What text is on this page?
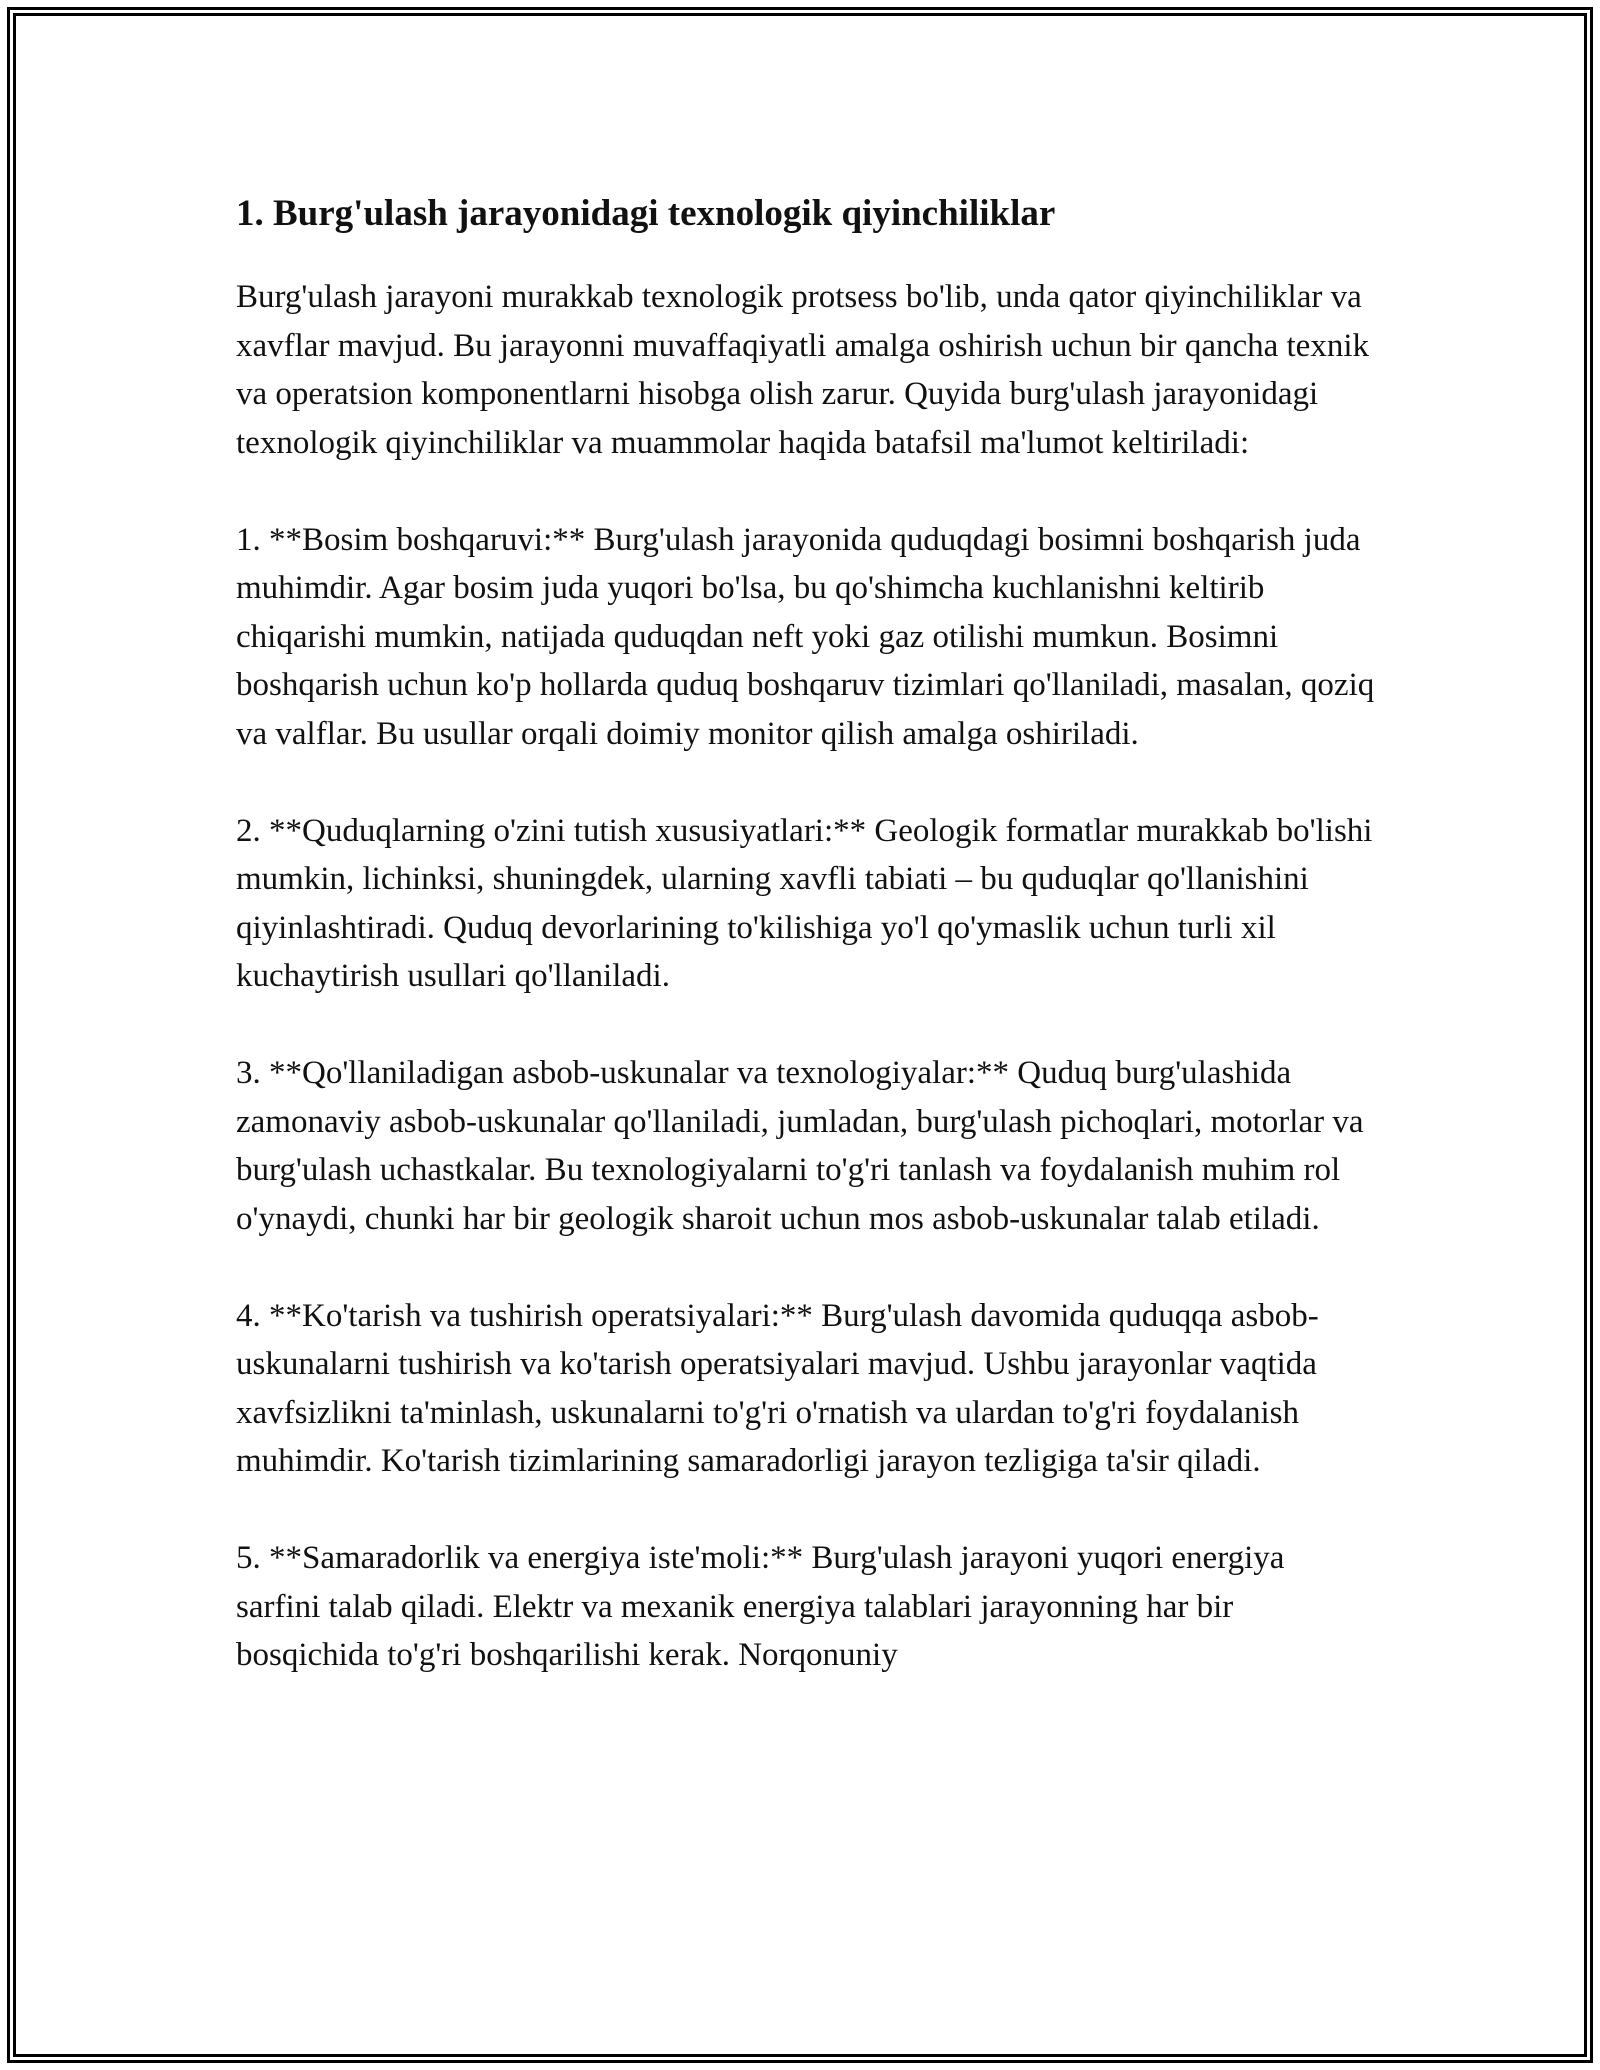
1. Burg'ulash jarayonidagi texnologik qiyinchiliklar

Burg'ulash jarayoni murakkab texnologik protsess bo'lib, unda qator qiyinchiliklar va xavflar mavjud. Bu jarayonni muvaffaqiyatli amalga oshirish uchun bir qancha texnik va operatsion komponentlarni hisobga olish zarur. Quyida burg'ulash jarayonidagi texnologik qiyinchiliklar va muammolar haqida batafsil ma'lumot keltiriladi:

1. **Bosim boshqaruvi:** Burg'ulash jarayonida quduqdagi bosimni boshqarish juda muhimdir. Agar bosim juda yuqori bo'lsa, bu qo'shimcha kuchlanishni keltirib chiqarishi mumkin, natijada quduqdan neft yoki gaz otilishi mumkun. Bosimni boshqarish uchun ko'p hollarda quduq boshqaruv tizimlari qo'llaniladi, masalan, qoziq va valflar. Bu usullar orqali doimiy monitor qilish amalga oshiriladi.

2. **Quduqlarning o'zini tutish xususiyatlari:** Geologik formatlar murakkab bo'lishi mumkin, lichinksi, shuningdek, ularning xavfli tabiati – bu quduqlar qo'llanishini qiyinlashtiradi. Quduq devorlarining to'kilishiga yo'l qo'ymaslik uchun turli xil kuchaytirish usullari qo'llaniladi.

3. **Qo'llaniladigan asbob-uskunalar va texnologiyalar:** Quduq burg'ulashida zamonaviy asbob-uskunalar qo'llaniladi, jumladan, burg'ulash pichoqlari, motorlar va burg'ulash uchastkalar. Bu texnologiyalarni to'g'ri tanlash va foydalanish muhim rol o'ynaydi, chunki har bir geologik sharoit uchun mos asbob-uskunalar talab etiladi.

4. **Ko'tarish va tushirish operatsiyalari:** Burg'ulash davomida quduqqa asbob-uskunalarni tushirish va ko'tarish operatsiyalari mavjud. Ushbu jarayonlar vaqtida xavfsizlikni ta'minlash, uskunalarni to'g'ri o'rnatish va ulardan to'g'ri foydalanish muhimdir. Ko'tarish tizimlarining samaradorligi jarayon tezligiga ta'sir qiladi.

5. **Samaradorlik va energiya iste'moli:** Burg'ulash jarayoni yuqori energiya sarfini talab qiladi. Elektr va mexanik energiya talablari jarayonning har bir bosqichida to'g'ri boshqarilishi kerak. Norqonuniy
